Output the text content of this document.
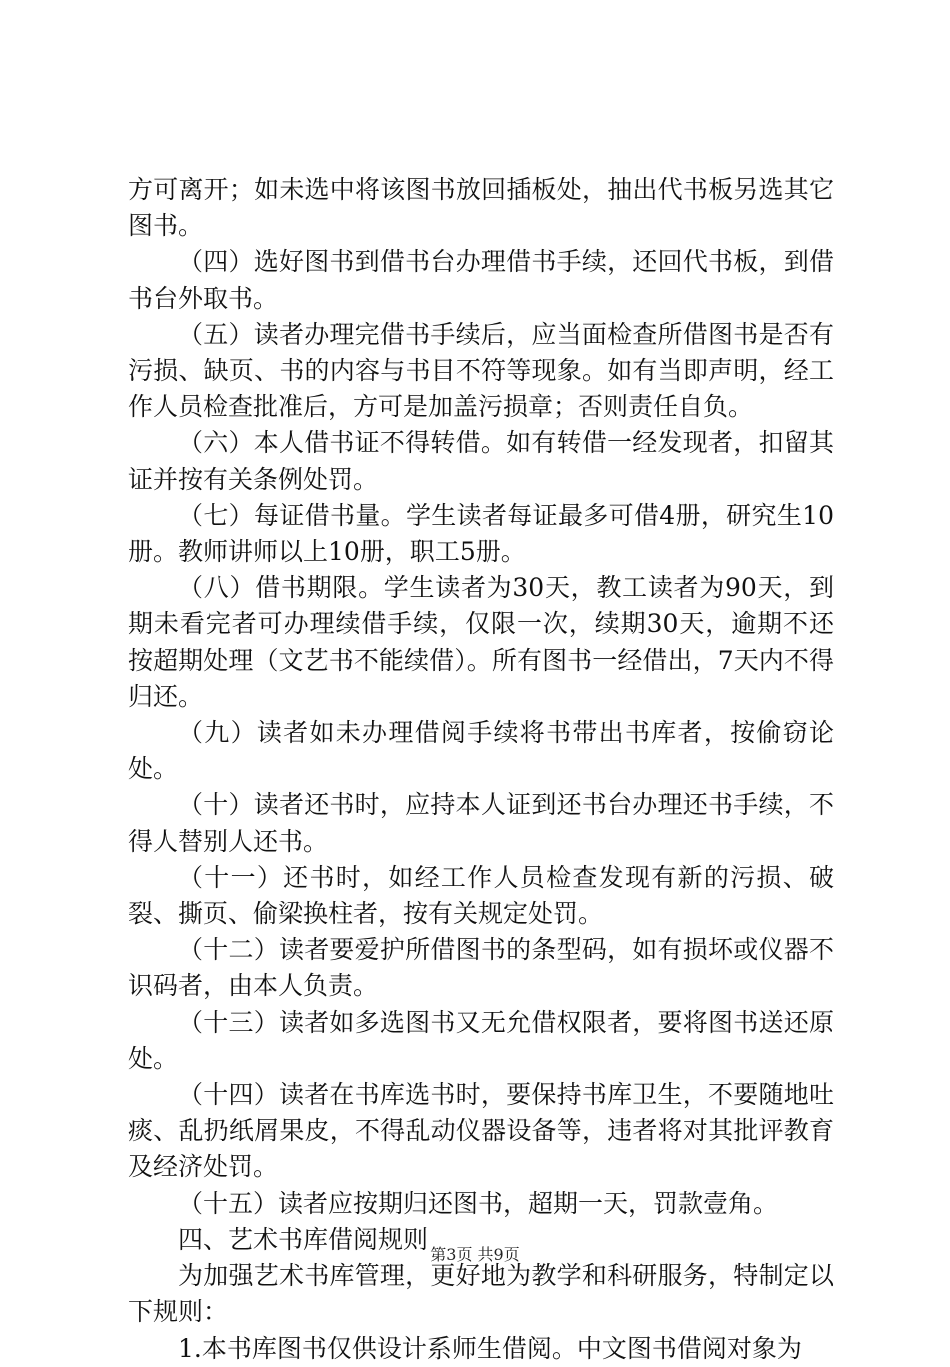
方可离开；如未选中将该图书放回插板处，抽出代书板另选其它图书。

（四）选好图书到借书台办理借书手续，还回代书板，到借书台外取书。

（五）读者办理完借书手续后，应当面检查所借图书是否有污损、缺页、书的内容与书目不符等现象。如有当即声明，经工作人员检查批准后，方可是加盖污损章；否则责任自负。

（六）本人借书证不得转借。如有转借一经发现者，扣留其证并按有关条例处罚。

（七）每证借书量。学生读者每证最多可借4册，研究生10册。教师讲师以上10册，职工5册。

（八）借书期限。学生读者为30天，教工读者为90天，到期未看完者可办理续借手续，仅限一次，续期30天，逾期不还按超期处理（文艺书不能续借）。所有图书一经借出，7天内不得归还。

（九）读者如未办理借阅手续将书带出书库者，按偷窃论处。

（十）读者还书时，应持本人证到还书台办理还书手续，不得人替别人还书。

（十一）还书时，如经工作人员检查发现有新的污损、破裂、撕页、偷梁换柱者，按有关规定处罚。

（十二）读者要爱护所借图书的条型码，如有损坏或仪器不识码者，由本人负责。

（十三）读者如多选图书又无允借权限者，要将图书送还原处。

（十四）读者在书库选书时，要保持书库卫生，不要随地吐痰、乱扔纸屑果皮，不得乱动仪器设备等，违者将对其批评教育及经济处罚。

（十五）读者应按期归还图书，超期一天，罚款壹角。

四、艺术书库借阅规则

为加强艺术书库管理，更好地为教学和科研服务，特制定以下规则：

1.本书库图书仅供设计系师生借阅。中文图书借阅对象为

第3页 共9页
